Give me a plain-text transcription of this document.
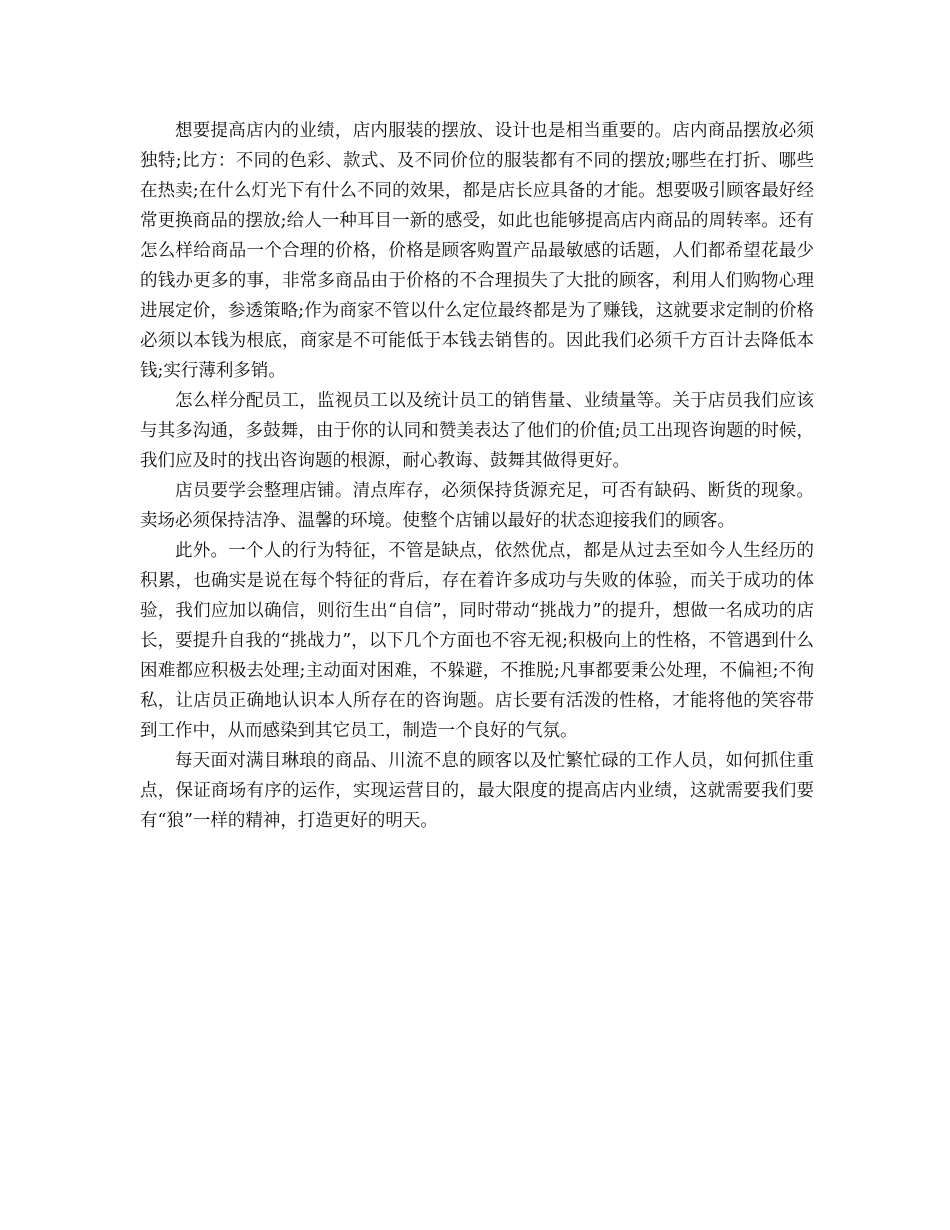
想要提高店内的业绩，店内服装的摆放、设计也是相当重要的。店内商品摆放必须独特;比方：不同的色彩、款式、及不同价位的服装都有不同的摆放;哪些在打折、哪些在热卖;在什么灯光下有什么不同的效果，都是店长应具备的才能。想要吸引顾客最好经常更换商品的摆放;给人一种耳目一新的感受，如此也能够提高店内商品的周转率。还有怎么样给商品一个合理的价格，价格是顾客购置产品最敏感的话题，人们都希望花最少的钱办更多的事，非常多商品由于价格的不合理损失了大批的顾客，利用人们购物心理进展定价，参透策略;作为商家不管以什么定位最终都是为了赚钱，这就要求定制的价格必须以本钱为根底，商家是不可能低于本钱去销售的。因此我们必须千方百计去降低本钱;实行薄利多销。

怎么样分配员工，监视员工以及统计员工的销售量、业绩量等。关于店员我们应该与其多沟通，多鼓舞，由于你的认同和赞美表达了他们的价值;员工出现咨询题的时候，我们应及时的找出咨询题的根源，耐心教诲、鼓舞其做得更好。

店员要学会整理店铺。清点库存，必须保持货源充足，可否有缺码、断货的现象。卖场必须保持洁净、温馨的环境。使整个店铺以最好的状态迎接我们的顾客。

此外。一个人的行为特征，不管是缺点，依然优点，都是从过去至如今人生经历的积累，也确实是说在每个特征的背后，存在着许多成功与失败的体验，而关于成功的体验，我们应加以确信，则衍生出“自信”，同时带动“挑战力”的提升，想做一名成功的店长，要提升自我的“挑战力”，以下几个方面也不容无视;积极向上的性格，不管遇到什么困难都应积极去处理;主动面对困难，不躲避，不推脱;凡事都要秉公处理，不偏袒;不徇私，让店员正确地认识本人所存在的咨询题。店长要有活泼的性格，才能将他的笑容带到工作中，从而感染到其它员工，制造一个良好的气氛。

每天面对满目琳琅的商品、川流不息的顾客以及忙繁忙碌的工作人员，如何抓住重点，保证商场有序的运作，实现运营目的，最大限度的提高店内业绩，这就需要我们要有“狼”一样的精神，打造更好的明天。
